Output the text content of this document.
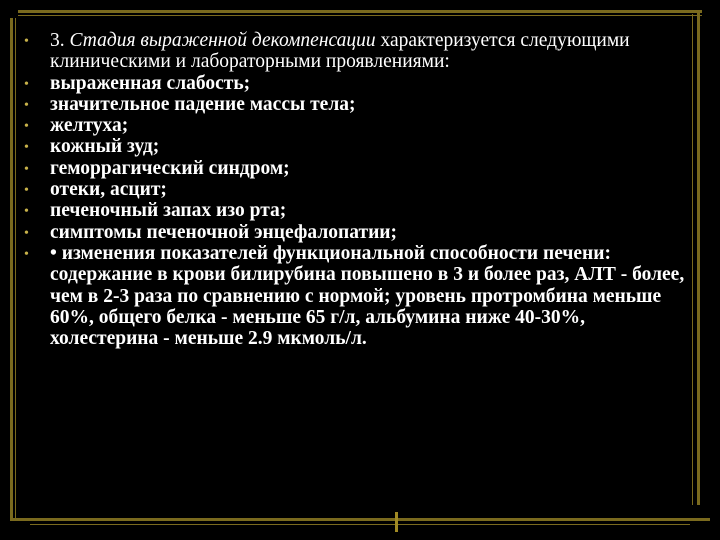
• 3. Стадия выраженной декомпенсации характеризуется следующими клиническими и лабораторными проявлениями:
• выраженная слабость;
• значительное падение массы тела;
• желтуха;
• кожный зуд;
• геморрагический синдром;
• отеки, асцит;
• печеночный запах изо рта;
• симптомы печеночной энцефалопатии;
• • изменения показателей функциональной способности печени: содержание в крови билирубина повышено в 3 и более раз, АЛТ - более, чем в 2-3 раза по сравнению с нормой; уровень протромбина меньше 60%, общего белка - меньше 65 г/л, альбумина ниже 40-30%, холестерина - меньше 2.9 мкмоль/л.
